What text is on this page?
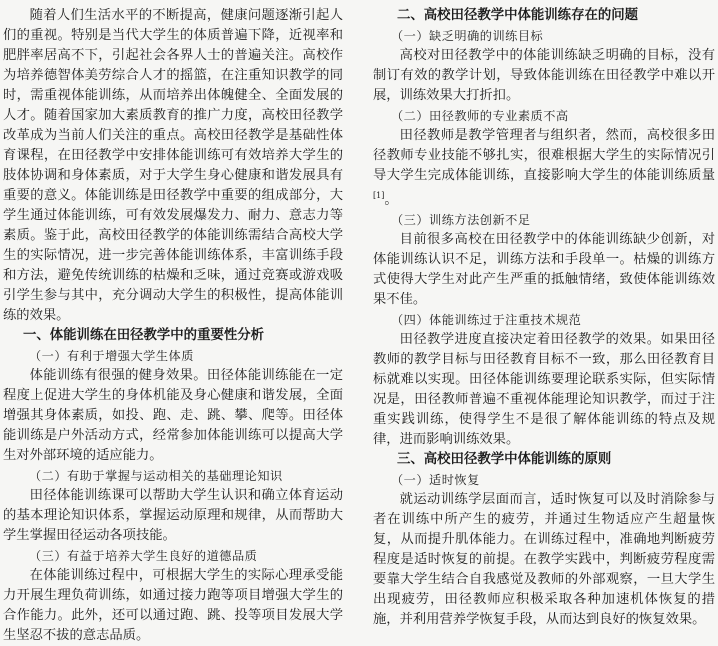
随着人们生活水平的不断提高，健康问题逐渐引起人们的重视。特别是当代大学生的体质普遍下降，近视率和肥胖率居高不下，引起社会各界人士的普遍关注。高校作为培养德智体美劳综合人才的摇篮，在注重知识教学的同时，需重视体能训练，从而培养出体魄健全、全面发展的人才。随着国家加大素质教育的推广力度，高校田径教学改革成为当前人们关注的重点。高校田径教学是基础性体育课程，在田径教学中安排体能训练可有效培养大学生的肢体协调和身体素质，对于大学生身心健康和谐发展具有重要的意义。体能训练是田径教学中重要的组成部分，大学生通过体能训练，可有效发展爆发力、耐力、意志力等素质。鉴于此，高校田径教学的体能训练需结合高校大学生的实际情况，进一步完善体能训练体系，丰富训练手段和方法，避免传统训练的枯燥和乏味，通过竞赛或游戏吸引学生参与其中，充分调动大学生的积极性，提高体能训练的效果。

一、体能训练在田径教学中的重要性分析
（一）有利于增强大学生体质

体能训练有很强的健身效果。田径体能训练能在一定程度上促进大学生的身体机能及身心健康和谐发展，全面增强其身体素质，如投、跑、走、跳、攀、爬等。田径体能训练是户外活动方式，经常参加体能训练可以提高大学生对外部环境的适应能力。

（二）有助于掌握与运动相关的基础理论知识

田径体能训练课可以帮助大学生认识和确立体育运动的基本理论知识体系，掌握运动原理和规律，从而帮助大学生掌握田径运动各项技能。

（三）有益于培养大学生良好的道德品质

在体能训练过程中，可根据大学生的实际心理承受能力开展生理负荷训练，如通过接力跑等项目增强大学生的合作能力。此外，还可以通过跑、跳、投等项目发展大学生坚忍不拔的意志品质。

二、高校田径教学中体能训练存在的问题
（一）缺乏明确的训练目标

高校对田径教学中的体能训练缺乏明确的目标，没有制订有效的教学计划，导致体能训练在田径教学中难以开展，训练效果大打折扣。

（二）田径教师的专业素质不高

田径教师是教学管理者与组织者，然而，高校很多田径教师专业技能不够扎实，很难根据大学生的实际情况引导大学生完成体能训练，直接影响大学生的体能训练质量[1]。

（三）训练方法创新不足

目前很多高校在田径教学中的体能训练缺少创新，对体能训练认识不足，训练方法和手段单一。枯燥的训练方式使得大学生对此产生严重的抵触情绪，致使体能训练效果不佳。

（四）体能训练过于注重技术规范

田径教学进度直接决定着田径教学的效果。如果田径教师的教学目标与田径教育目标不一致，那么田径教育目标就难以实现。田径体能训练要理论联系实际，但实际情况是，田径教师普遍不重视体能理论知识教学，而过于注重实践训练，使得学生不是很了解体能训练的特点及规律，进而影响训练效果。

三、高校田径教学中体能训练的原则
（一）适时恢复

就运动训练学层面而言，适时恢复可以及时消除参与者在训练中所产生的疲劳，并通过生物适应产生超量恢复，从而提升肌体能力。在训练过程中，准确地判断疲劳程度是适时恢复的前提。在教学实践中，判断疲劳程度需要靠大学生结合自我感觉及教师的外部观察，一旦大学生出现疲劳，田径教师应积极采取各种加速机体恢复的措施，并利用营养学恢复手段，从而达到良好的恢复效果。
